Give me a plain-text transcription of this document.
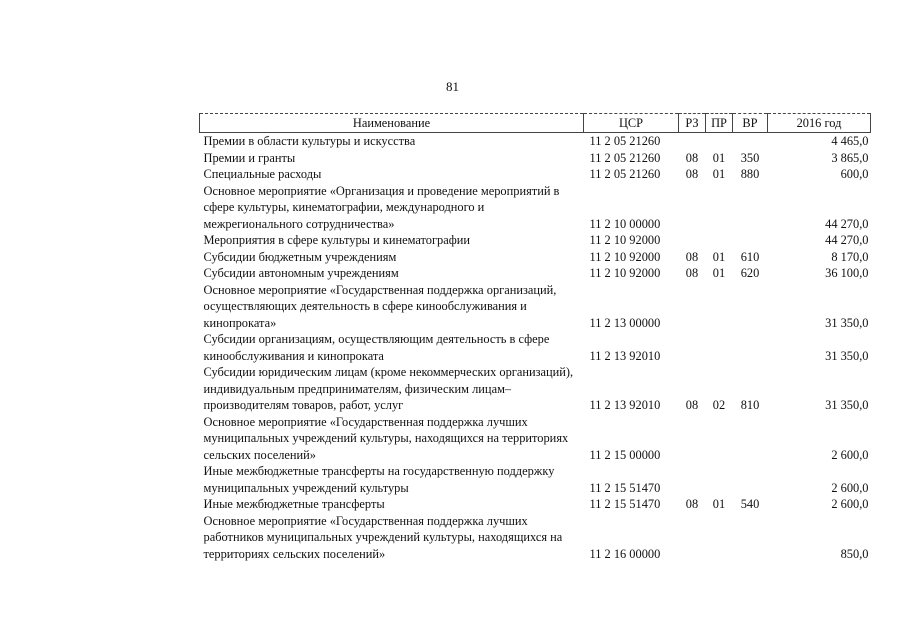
81
Наименование	ЦСР	РЗ	ПР	ВР	2016 год
Премии в области культуры и искусства	11 2 05 21260				4 465,0
Премии и гранты	11 2 05 21260	08	01	350	3 865,0
Специальные расходы	11 2 05 21260	08	01	880	600,0
Основное мероприятие «Организация и проведение мероприятий в сфере культуры, кинематографии, международного и межрегионального сотрудничества»	11 2 10 00000				44 270,0
Мероприятия в сфере культуры и кинематографии	11 2 10 92000				44 270,0
Субсидии бюджетным учреждениям	11 2 10 92000	08	01	610	8 170,0
Субсидии автономным учреждениям	11 2 10 92000	08	01	620	36 100,0
Основное мероприятие «Государственная поддержка организаций, осуществляющих деятельность в сфере кинообслуживания и кинопроката»	11 2 13 00000				31 350,0
Субсидии организациям, осуществляющим деятельность в сфере кинообслуживания и кинопроката	11 2 13 92010				31 350,0
Субсидии юридическим лицам (кроме некоммерческих организаций), индивидуальным предпринимателям, физическим лицам–производителям товаров, работ, услуг	11 2 13 92010	08	02	810	31 350,0
Основное мероприятие «Государственная поддержка лучших муниципальных учреждений культуры, находящихся на территориях сельских поселений»	11 2 15 00000				2 600,0
Иные межбюджетные трансферты на государственную поддержку муниципальных учреждений культуры	11 2 15 51470				2 600,0
Иные межбюджетные трансферты	11 2 15 51470	08	01	540	2 600,0
Основное мероприятие «Государственная поддержка лучших работников муниципальных учреждений культуры, находящихся на территориях сельских поселений»	11 2 16 00000				850,0
